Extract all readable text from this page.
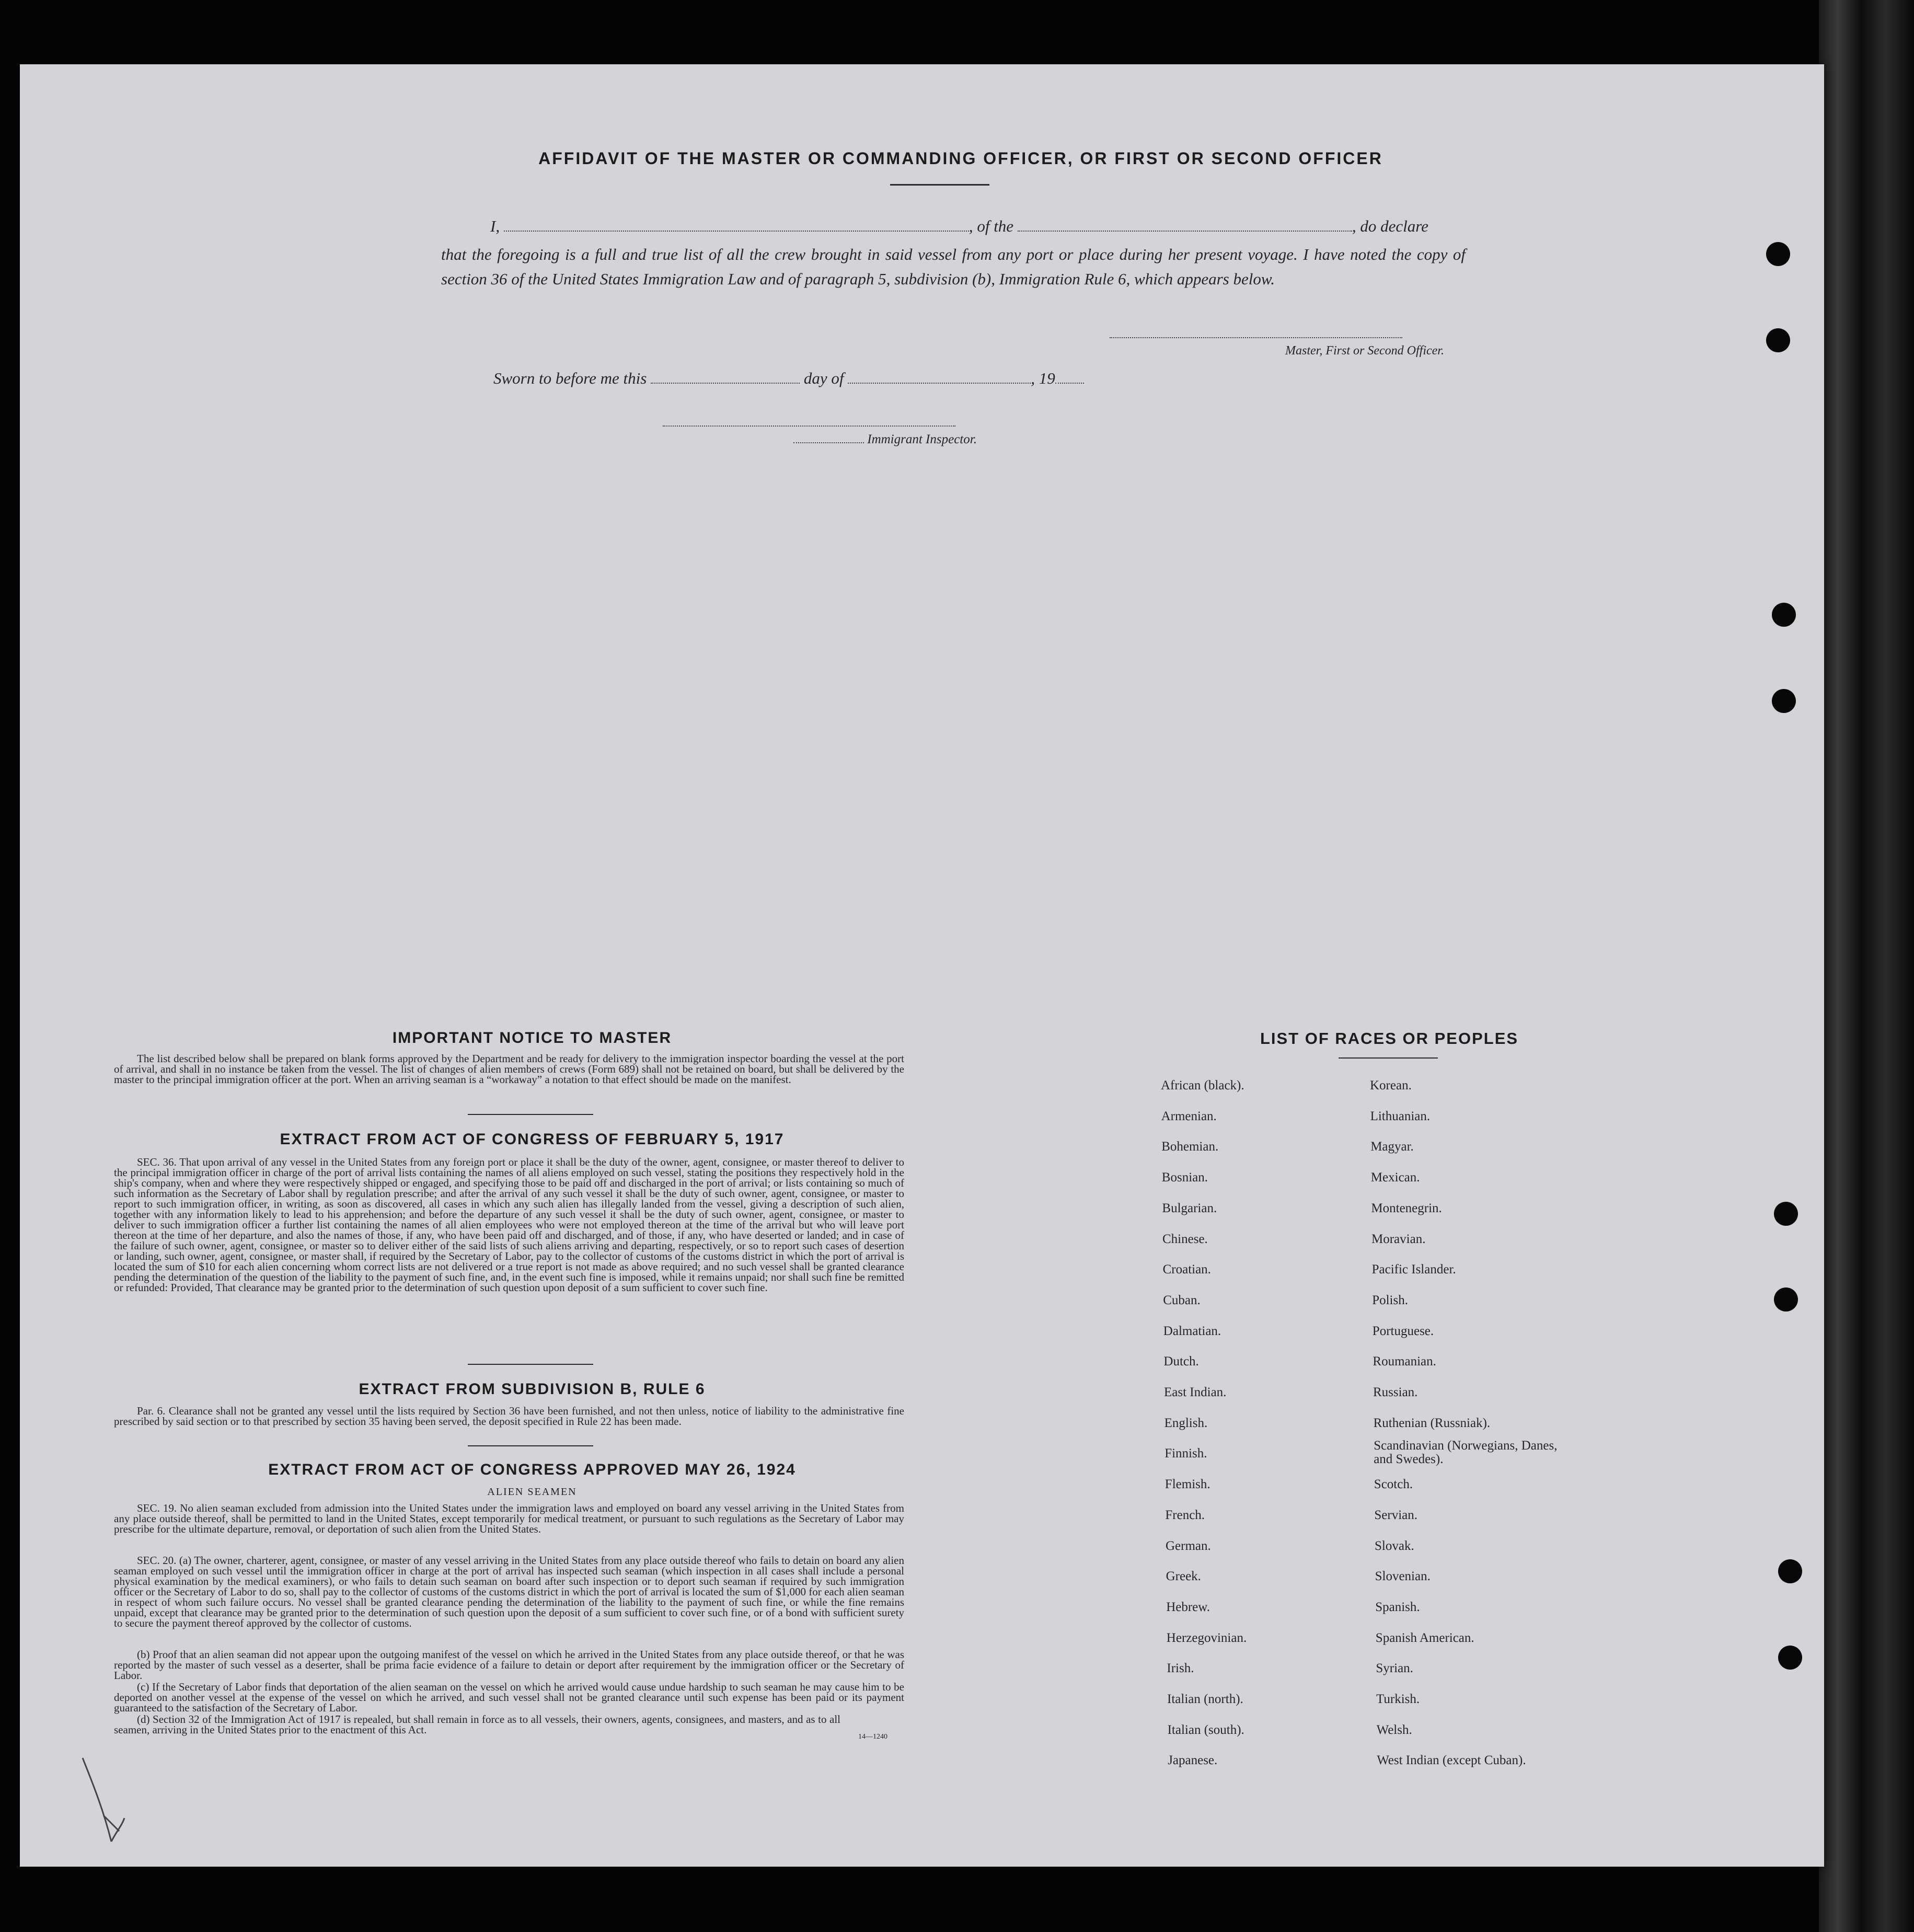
AFFIDAVIT OF THE MASTER OR COMMANDING OFFICER, OR FIRST OR SECOND OFFICER
I,	, of the	, do declare
that the foregoing is a full and true list of all the crew brought in said vessel from any port or place during her present voyage. I have noted the copy of section 36 of the United States Immigration Law and of paragraph 5, subdivision (b), Immigration Rule 6, which appears below.
Master, First or Second Officer.
Sworn to before me this	day of	, 19
Immigrant Inspector.
IMPORTANT NOTICE TO MASTER
The list described below shall be prepared on blank forms approved by the Department and be ready for delivery to the immigration inspector boarding the vessel at the port of arrival, and shall in no instance be taken from the vessel. The list of changes of alien members of crews (Form 689) shall not be retained on board, but shall be delivered by the master to the principal immigration officer at the port. When an arriving seaman is a “workaway” a notation to that effect should be made on the manifest.
EXTRACT FROM ACT OF CONGRESS OF FEBRUARY 5, 1917
SEC. 36. That upon arrival of any vessel in the United States from any foreign port or place it shall be the duty of the owner, agent, consignee, or master thereof to deliver to the principal immigration officer in charge of the port of arrival lists containing the names of all aliens employed on such vessel, stating the positions they respectively hold in the ship's company, when and where they were respectively shipped or engaged, and specifying those to be paid off and discharged in the port of arrival; or lists containing so much of such information as the Secretary of Labor shall by regulation prescribe; and after the arrival of any such vessel it shall be the duty of such owner, agent, consignee, or master to report to such immigration officer, in writing, as soon as discovered, all cases in which any such alien has illegally landed from the vessel, giving a description of such alien, together with any information likely to lead to his apprehension; and before the departure of any such vessel it shall be the duty of such owner, agent, consignee, or master to deliver to such immigration officer a further list containing the names of all alien employees who were not employed thereon at the time of the arrival but who will leave port thereon at the time of her departure, and also the names of those, if any, who have been paid off and discharged, and of those, if any, who have deserted or landed; and in case of the failure of such owner, agent, consignee, or master so to deliver either of the said lists of such aliens arriving and departing, respectively, or so to report such cases of desertion or landing, such owner, agent, consignee, or master shall, if required by the Secretary of Labor, pay to the collector of customs of the customs district in which the port of arrival is located the sum of $10 for each alien concerning whom correct lists are not delivered or a true report is not made as above required; and no such vessel shall be granted clearance pending the determination of the question of the liability to the payment of such fine, and, in the event such fine is imposed, while it remains unpaid; nor shall such fine be remitted or refunded: Provided, That clearance may be granted prior to the determination of such question upon deposit of a sum sufficient to cover such fine.
EXTRACT FROM SUBDIVISION B, RULE 6
Par. 6. Clearance shall not be granted any vessel until the lists required by Section 36 have been furnished, and not then unless, notice of liability to the administrative fine prescribed by said section or to that prescribed by section 35 having been served, the deposit specified in Rule 22 has been made.
EXTRACT FROM ACT OF CONGRESS APPROVED MAY 26, 1924
ALIEN SEAMEN
SEC. 19. No alien seaman excluded from admission into the United States under the immigration laws and employed on board any vessel arriving in the United States from any place outside thereof, shall be permitted to land in the United States, except temporarily for medical treatment, or pursuant to such regulations as the Secretary of Labor may prescribe for the ultimate departure, removal, or deportation of such alien from the United States.
SEC. 20. (a) The owner, charterer, agent, consignee, or master of any vessel arriving in the United States from any place outside thereof who fails to detain on board any alien seaman employed on such vessel until the immigration officer in charge at the port of arrival has inspected such seaman (which inspection in all cases shall include a personal physical examination by the medical examiners), or who fails to detain such seaman on board after such inspection or to deport such seaman if required by such immigration officer or the Secretary of Labor to do so, shall pay to the collector of customs of the customs district in which the port of arrival is located the sum of $1,000 for each alien seaman in respect of whom such failure occurs. No vessel shall be granted clearance pending the determination of the liability to the payment of such fine, or while the fine remains unpaid, except that clearance may be granted prior to the determination of such question upon the deposit of a sum sufficient to cover such fine, or of a bond with sufficient surety to secure the payment thereof approved by the collector of customs.
(b) Proof that an alien seaman did not appear upon the outgoing manifest of the vessel on which he arrived in the United States from any place outside thereof, or that he was reported by the master of such vessel as a deserter, shall be prima facie evidence of a failure to detain or deport after requirement by the immigration officer or the Secretary of Labor.
(c) If the Secretary of Labor finds that deportation of the alien seaman on the vessel on which he arrived would cause undue hardship to such seaman he may cause him to be deported on another vessel at the expense of the vessel on which he arrived, and such vessel shall not be granted clearance until such expense has been paid or its payment guaranteed to the satisfaction of the Secretary of Labor.
(d) Section 32 of the Immigration Act of 1917 is repealed, but shall remain in force as to all vessels, their owners, agents, consignees, and masters, and as to all seamen, arriving in the United States prior to the enactment of this Act.
14—1240
LIST OF RACES OR PEOPLES
African (black).
Armenian.
Bohemian.
Bosnian.
Bulgarian.
Chinese.
Croatian.
Cuban.
Dalmatian.
Dutch.
East Indian.
English.
Finnish.
Flemish.
French.
German.
Greek.
Hebrew.
Herzegovinian.
Irish.
Italian (north).
Italian (south).
Japanese.
Korean.
Lithuanian.
Magyar.
Mexican.
Montenegrin.
Moravian.
Pacific Islander.
Polish.
Portuguese.
Roumanian.
Russian.
Ruthenian (Russniak).
Scandinavian (Norwegians, Danes, and Swedes).
Scotch.
Servian.
Slovak.
Slovenian.
Spanish.
Spanish American.
Syrian.
Turkish.
Welsh.
West Indian (except Cuban).
